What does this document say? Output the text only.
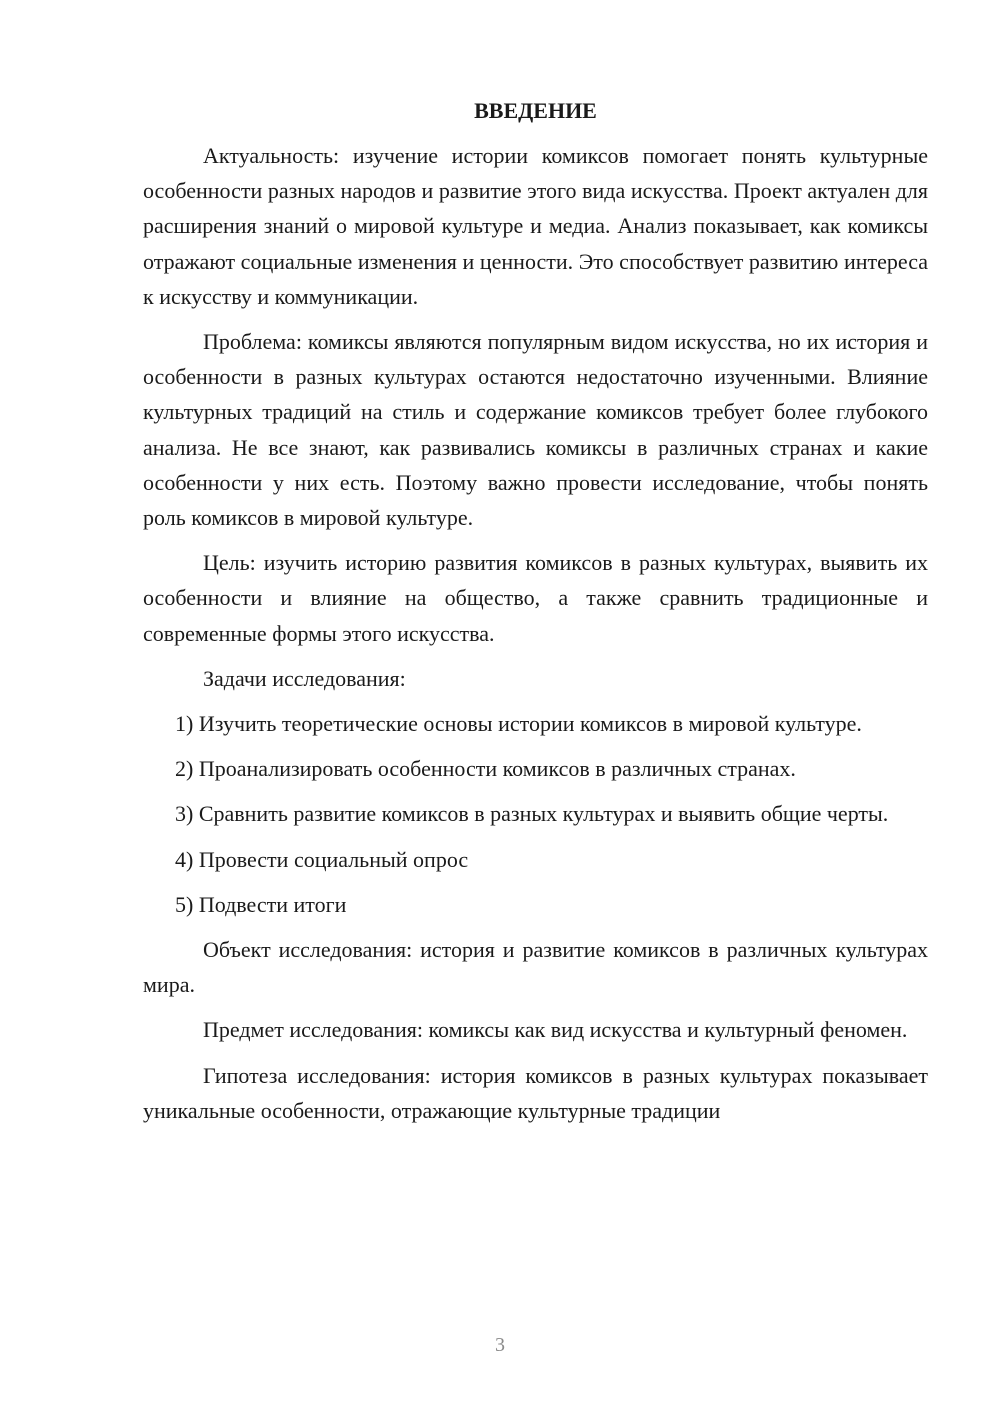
ВВЕДЕНИЕ

Актуальность: изучение истории комиксов помогает понять культурные особенности разных народов и развитие этого вида искусства. Проект актуален для расширения знаний о мировой культуре и медиа. Анализ показывает, как комиксы отражают социальные изменения и ценности. Это способствует развитию интереса к искусству и коммуникации.

Проблема: комиксы являются популярным видом искусства, но их история и особенности в разных культурах остаются недостаточно изученными. Влияние культурных традиций на стиль и содержание комиксов требует более глубокого анализа. Не все знают, как развивались комиксы в различных странах и какие особенности у них есть. Поэтому важно провести исследование, чтобы понять роль комиксов в мировой культуре.

Цель: изучить историю развития комиксов в разных культурах, выявить их особенности и влияние на общество, а также сравнить традиционные и современные формы этого искусства.

Задачи исследования:

1) Изучить теоретические основы истории комиксов в мировой культуре.

2) Проанализировать особенности комиксов в различных странах.

3) Сравнить развитие комиксов в разных культурах и выявить общие черты.

4) Провести социальный опрос

5) Подвести итоги

Объект исследования: история и развитие комиксов в различных культурах мира.

Предмет исследования: комиксы как вид искусства и культурный феномен.

Гипотеза исследования: история комиксов в разных культурах показывает уникальные особенности, отражающие культурные традиции

3
